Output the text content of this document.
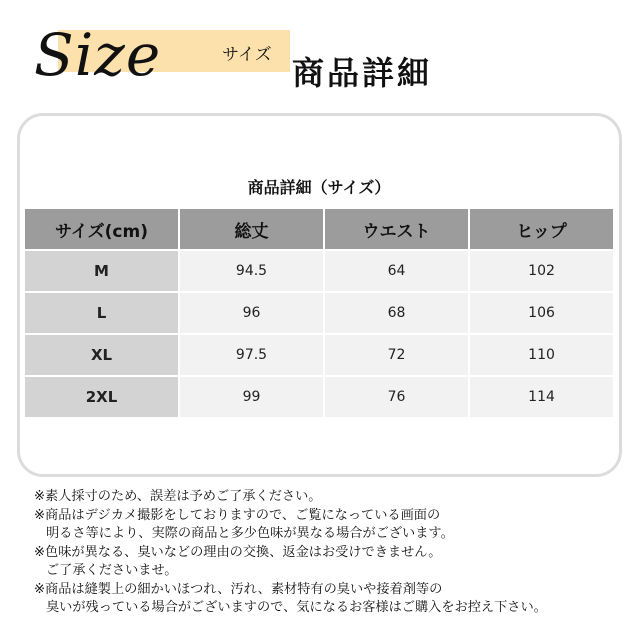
Size	サイズ 商品詳細
商品詳細（サイズ）			
サイズ(cm)	総丈	ウエスト	ヒップ
M	94.5	64	102
L	96	68	106
XL	97.5	72	110
2XL	99	76	114
※素人採寸のため、誤差は予めご了承ください。
※商品はデジカメ撮影をしておりますので、ご覧になっている画面の
明るさ等により、実際の商品と多少色味が異なる場合がございます。
※色味が異なる、臭いなどの理由の交換、返金はお受けできません。
ご了承くださいませ。
※商品は縫製上の細かいほつれ、汚れ、素材特有の臭いや接着剤等の
臭いが残っている場合がございますので、気になるお客様はご購入をお控え下さい。
